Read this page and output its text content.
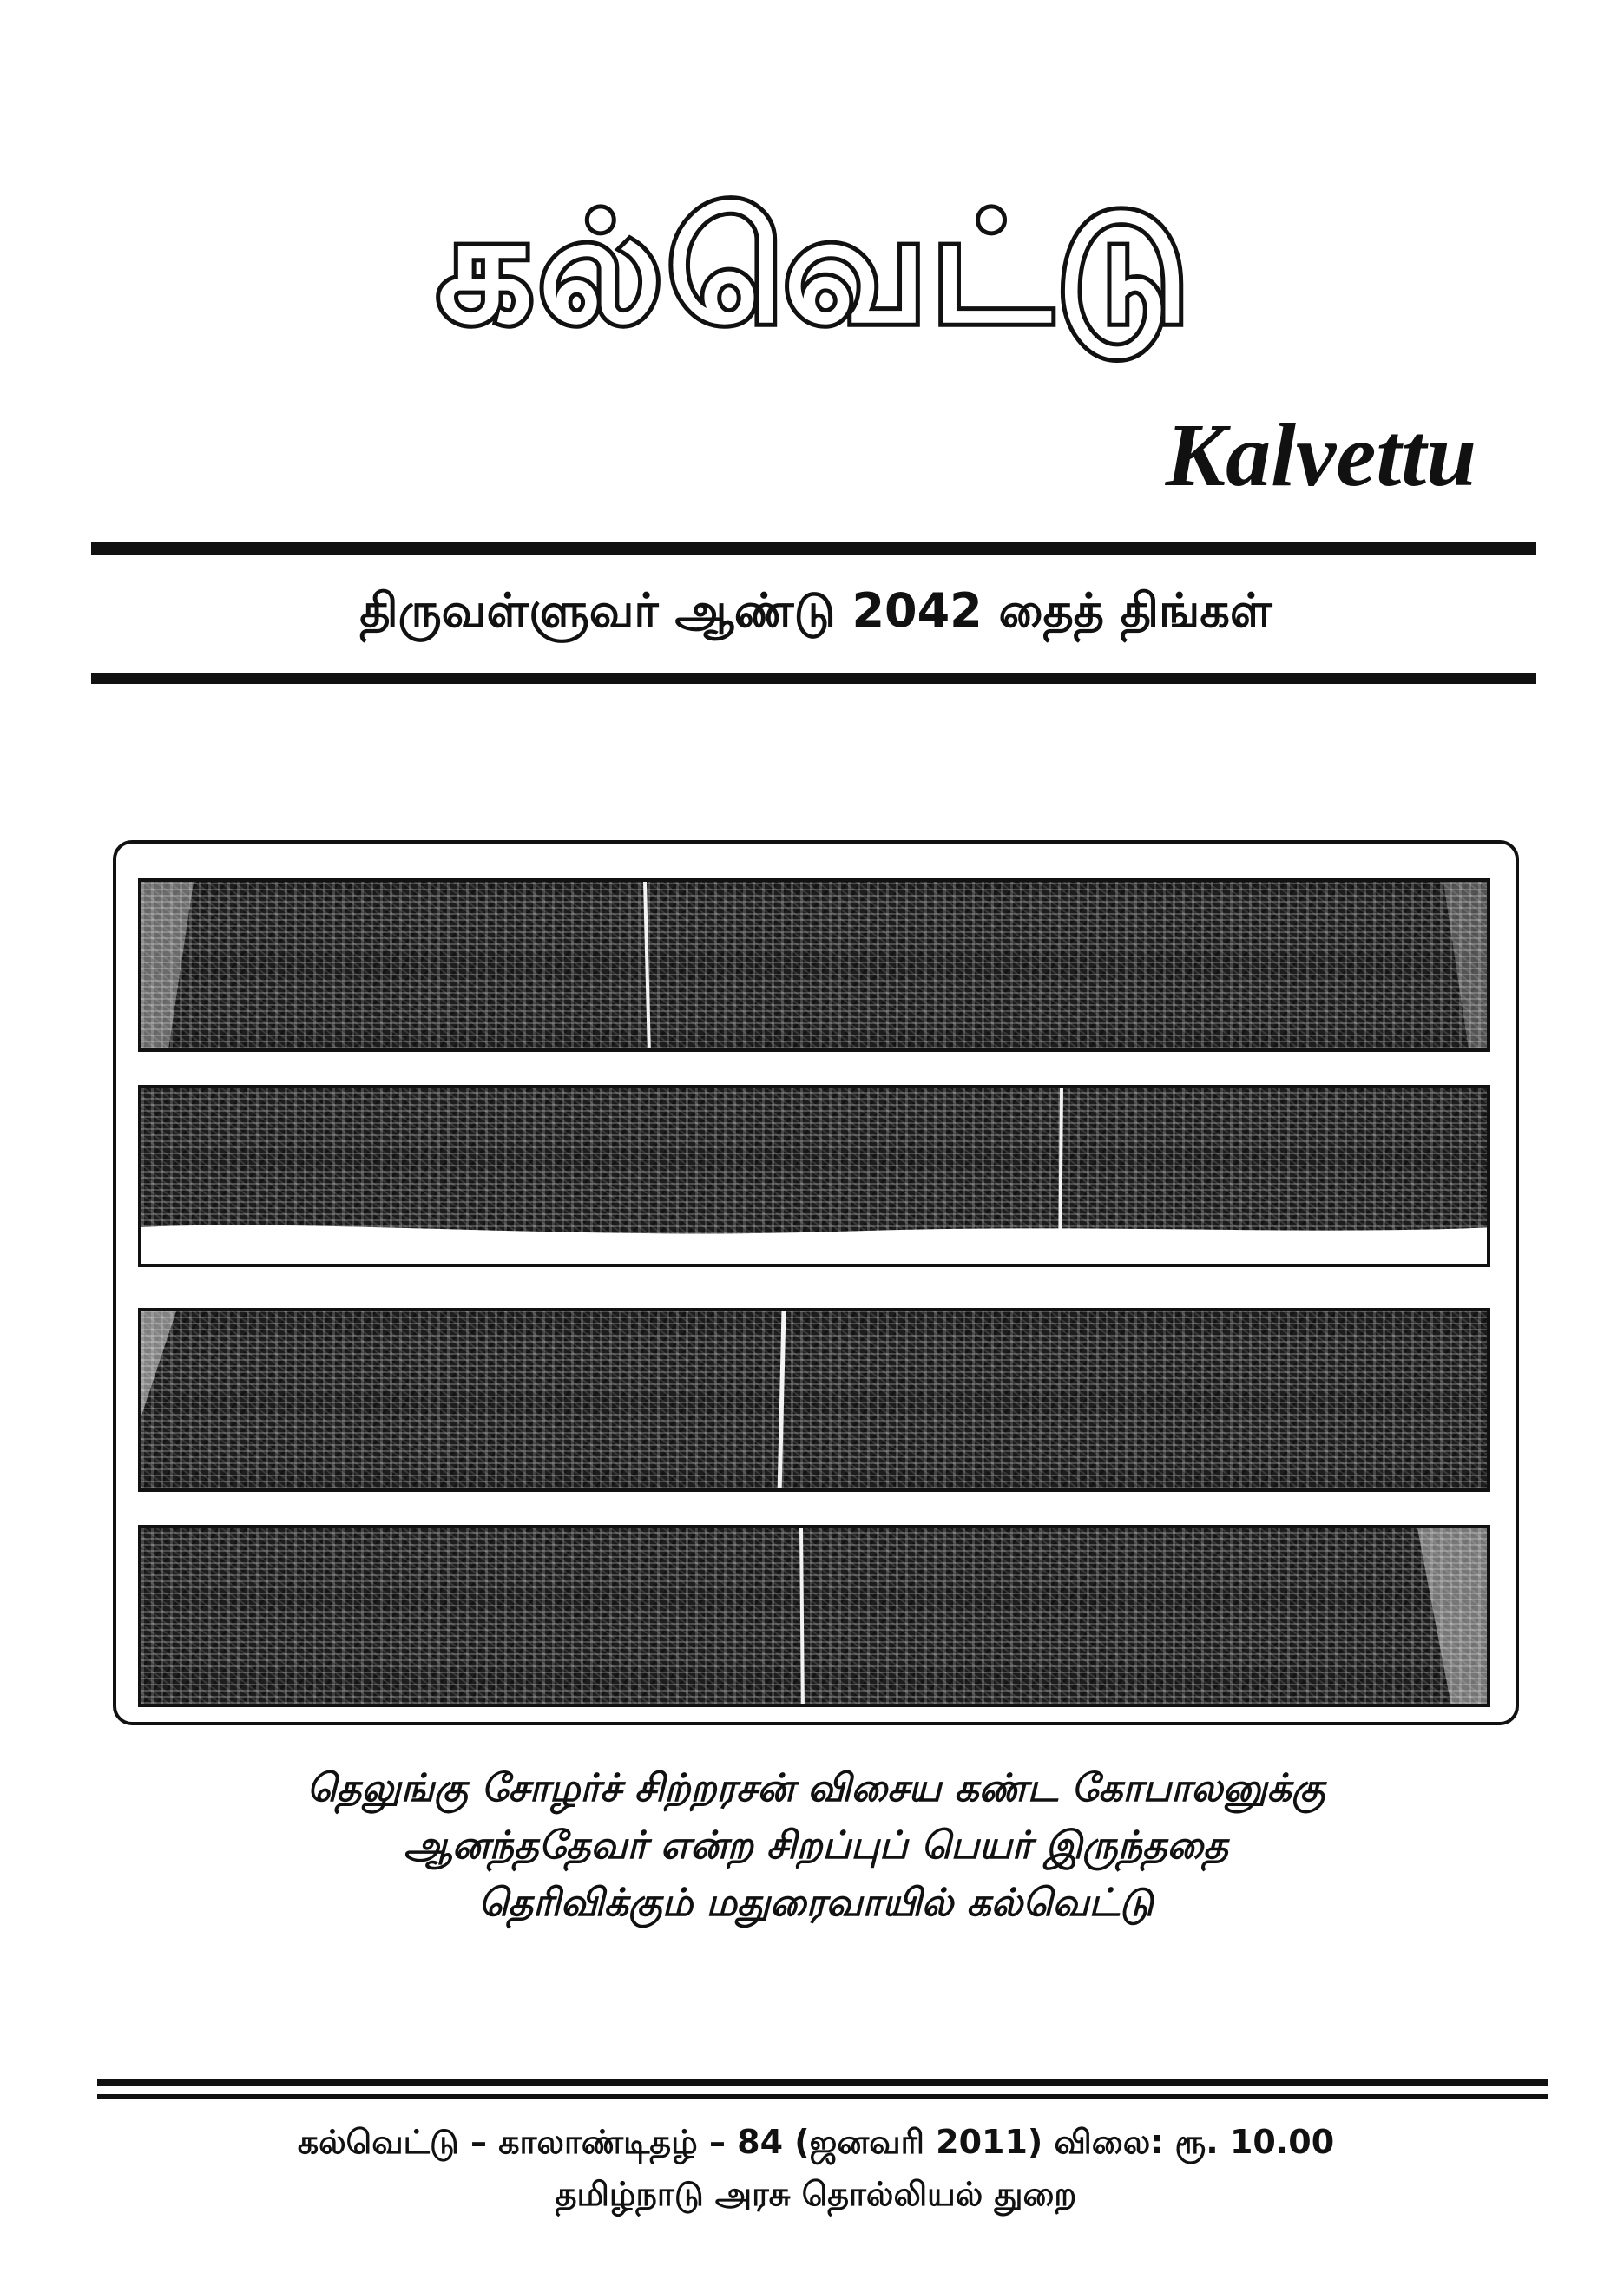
கல்வெட்டு
Kalvettu
திருவள்ளுவர் ஆண்டு 2042 தைத் திங்கள்
தெலுங்கு சோழர்ச் சிற்றரசன் விசைய கண்ட கோபாலனுக்கு
ஆனந்ததேவர் என்ற சிறப்புப் பெயர் இருந்ததை
தெரிவிக்கும் மதுரைவாயில் கல்வெட்டு
கல்வெட்டு – காலாண்டிதழ் – 84 (ஜனவரி 2011) விலை: ரூ. 10.00
தமிழ்நாடு அரசு தொல்லியல் துறை
